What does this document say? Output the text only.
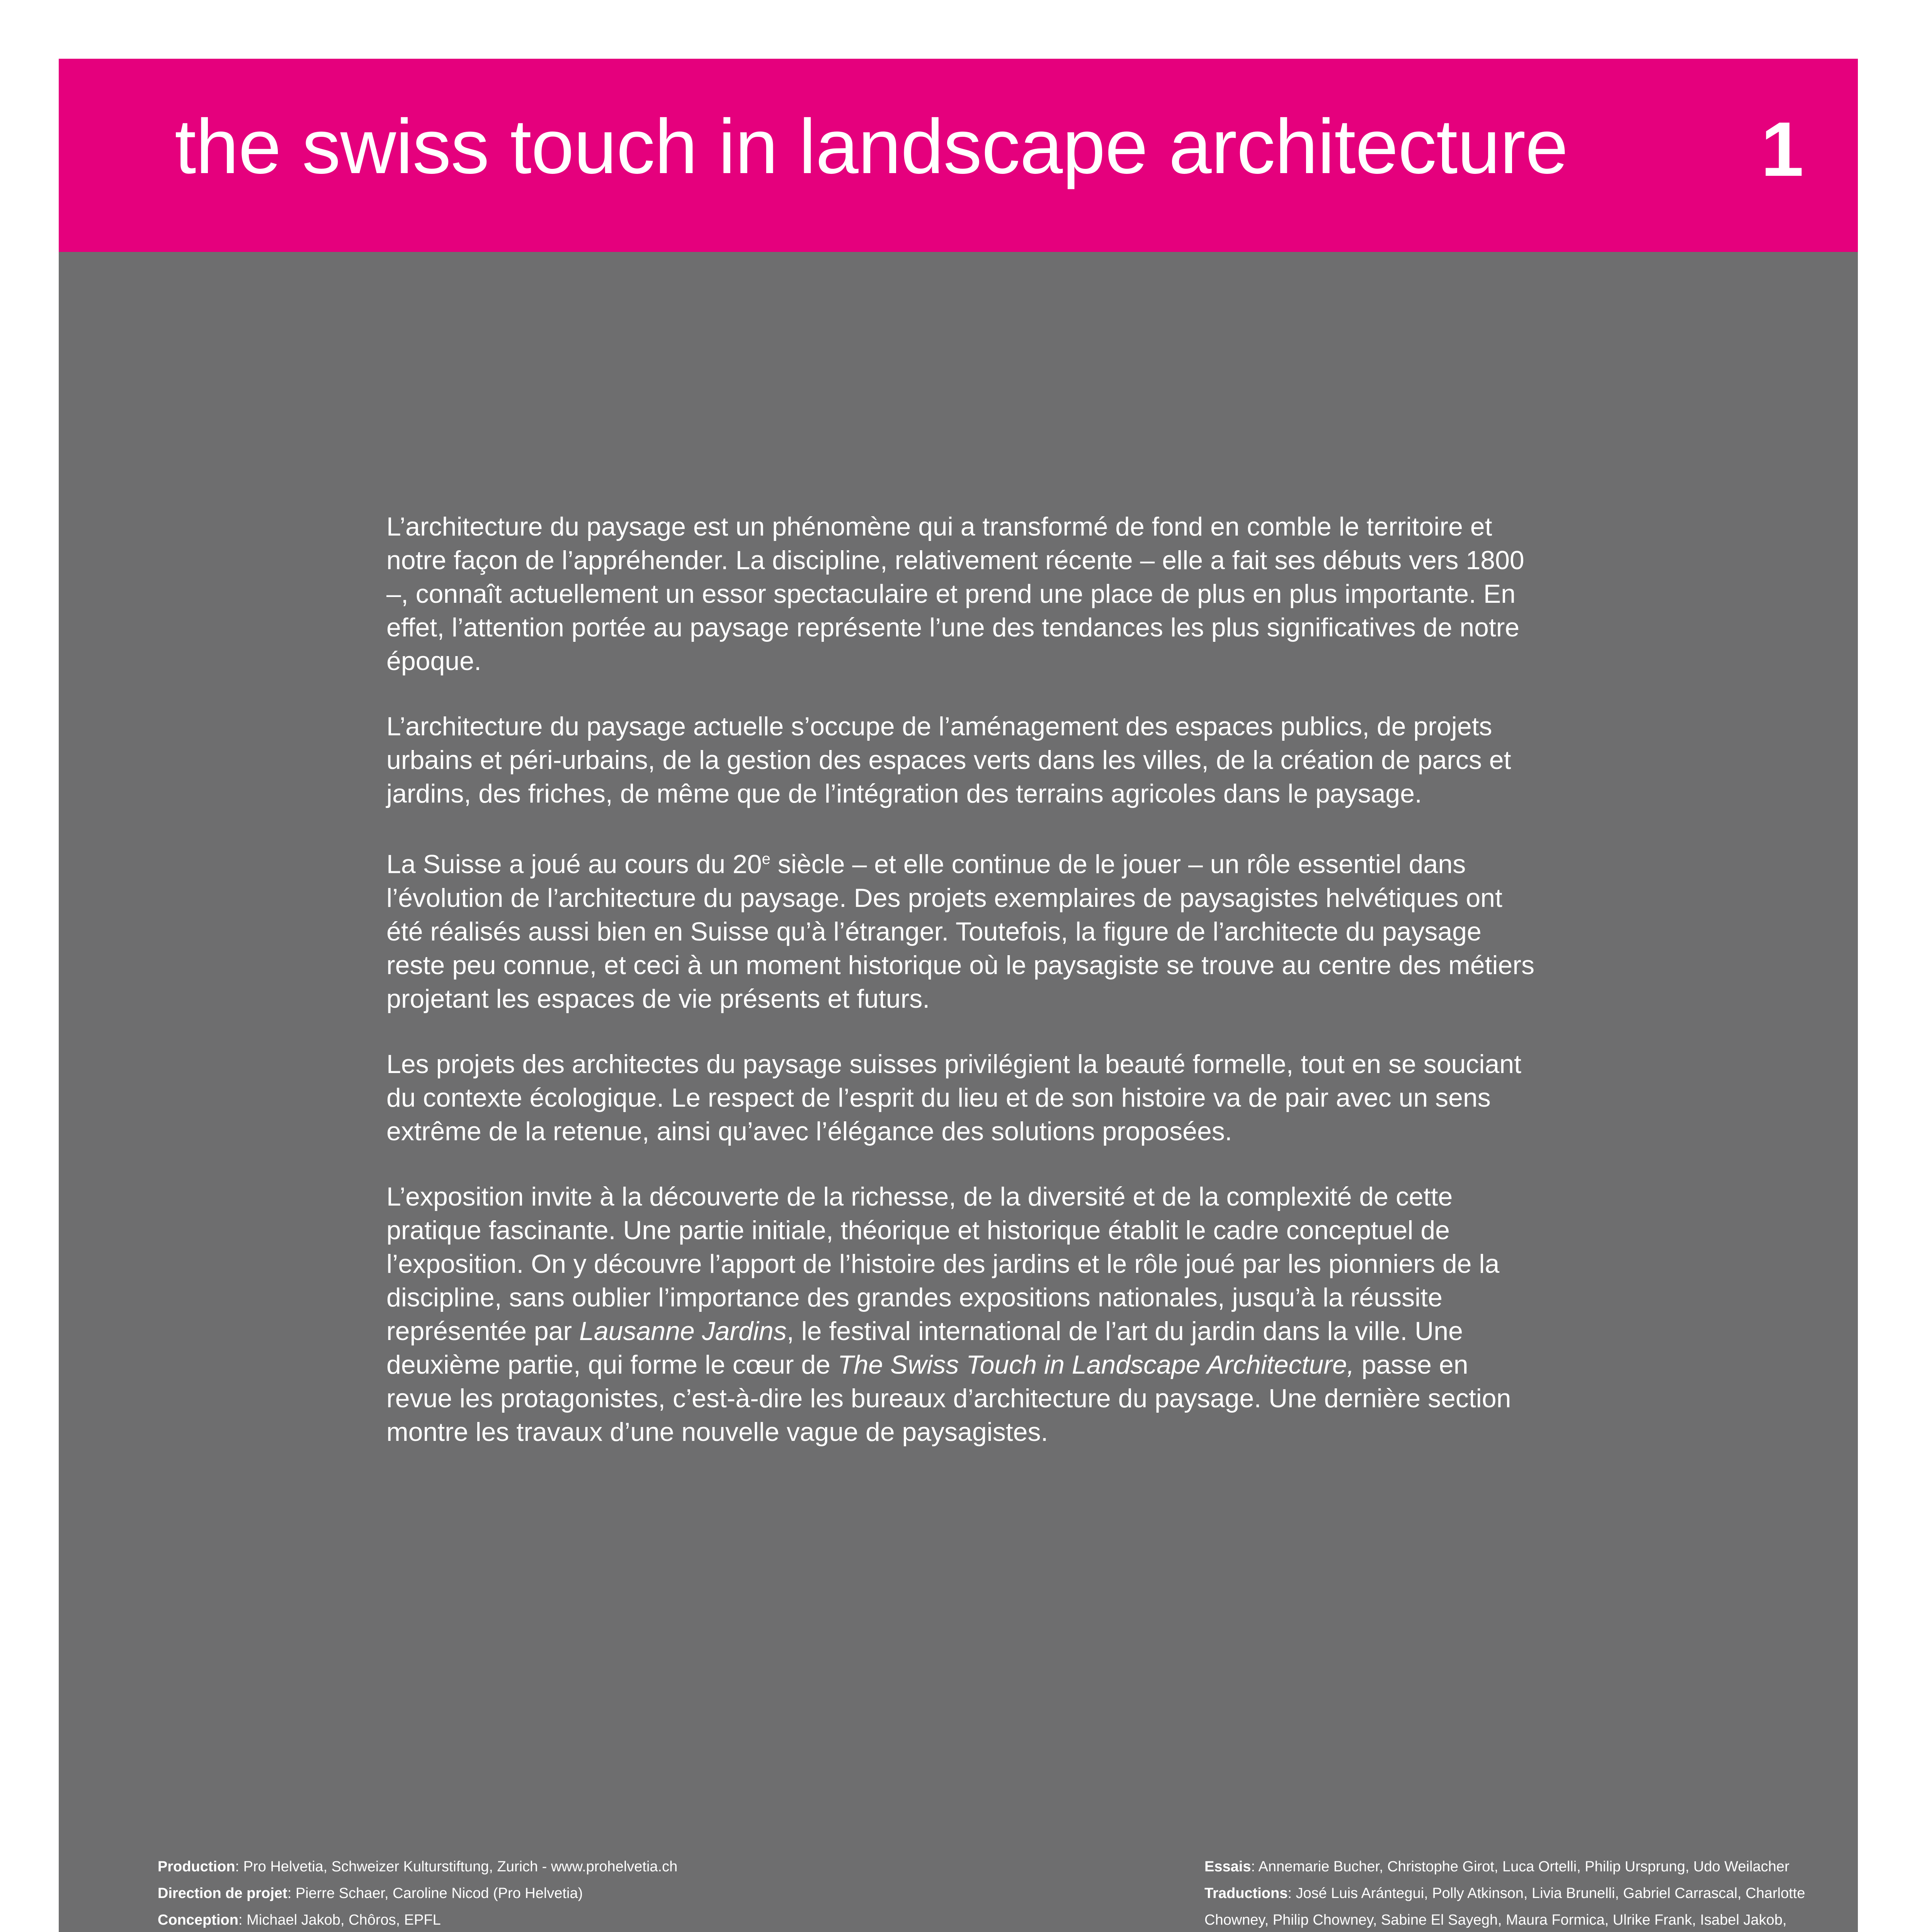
the swiss touch in landscape architecture 1

L’architecture du paysage est un phénomène qui a transformé de fond en comble le territoire et notre façon de l’appréhender. La discipline, relativement récente – elle a fait ses débuts vers 1800 –, connaît actuellement un essor spectaculaire et prend une place de plus en plus importante. En effet, l’attention portée au paysage représente l’une des tendances les plus significatives de notre époque.

L’architecture du paysage actuelle s’occupe de l’aménagement des espaces publics, de projets urbains et péri-urbains, de la gestion des espaces verts dans les villes, de la création de parcs et jardins, des friches, de même que de l’intégration des terrains agricoles dans le paysage.

La Suisse a joué au cours du 20e siècle – et elle continue de le jouer – un rôle essentiel dans l’évolution de l’architecture du paysage. Des projets exemplaires de paysagistes helvétiques ont été réalisés aussi bien en Suisse qu’à l’étranger. Toutefois, la figure de l’architecte du paysage reste peu connue, et ceci à un moment historique où le paysagiste se trouve au centre des métiers projetant les espaces de vie présents et futurs.

Les projets des architectes du paysage suisses privilégient la beauté formelle, tout en se souciant du contexte écologique. Le respect de l’esprit du lieu et de son histoire va de pair avec un sens extrême de la retenue, ainsi qu’avec l’élégance des solutions proposées.

L’exposition invite à la découverte de la richesse, de la diversité et de la complexité de cette pratique fascinante. Une partie initiale, théorique et historique établit le cadre conceptuel de l’exposition. On y découvre l’apport de l’histoire des jardins et le rôle joué par les pionniers de la discipline, sans oublier l’importance des grandes expositions nationales, jusqu’à la réussite représentée par Lausanne Jardins, le festival international de l’art du jardin dans la ville. Une deuxième partie, qui forme le cœur de The Swiss Touch in Landscape Architecture, passe en revue les protagonistes, c’est-à-dire les bureaux d’architecture du paysage. Une dernière section montre les travaux d’une nouvelle vague de paysagistes.

Production: Pro Helvetia, Schweizer Kulturstiftung, Zurich - www.prohelvetia.ch

Direction de projet: Pierre Schaer, Caroline Nicod (Pro Helvetia)

Conception: Michael Jakob, Chôros, EPFL

Essais: Annemarie Bucher, Christophe Girot, Luca Ortelli, Philip Ursprung, Udo Weilacher

Traductions: José Luis Arántegui, Polly Atkinson, Livia Brunelli, Gabriel Carrascal, Charlotte Chowney, Philip Chowney, Sabine El Sayegh, Maura Formica, Ulrike Frank, Isabel Jakob,
